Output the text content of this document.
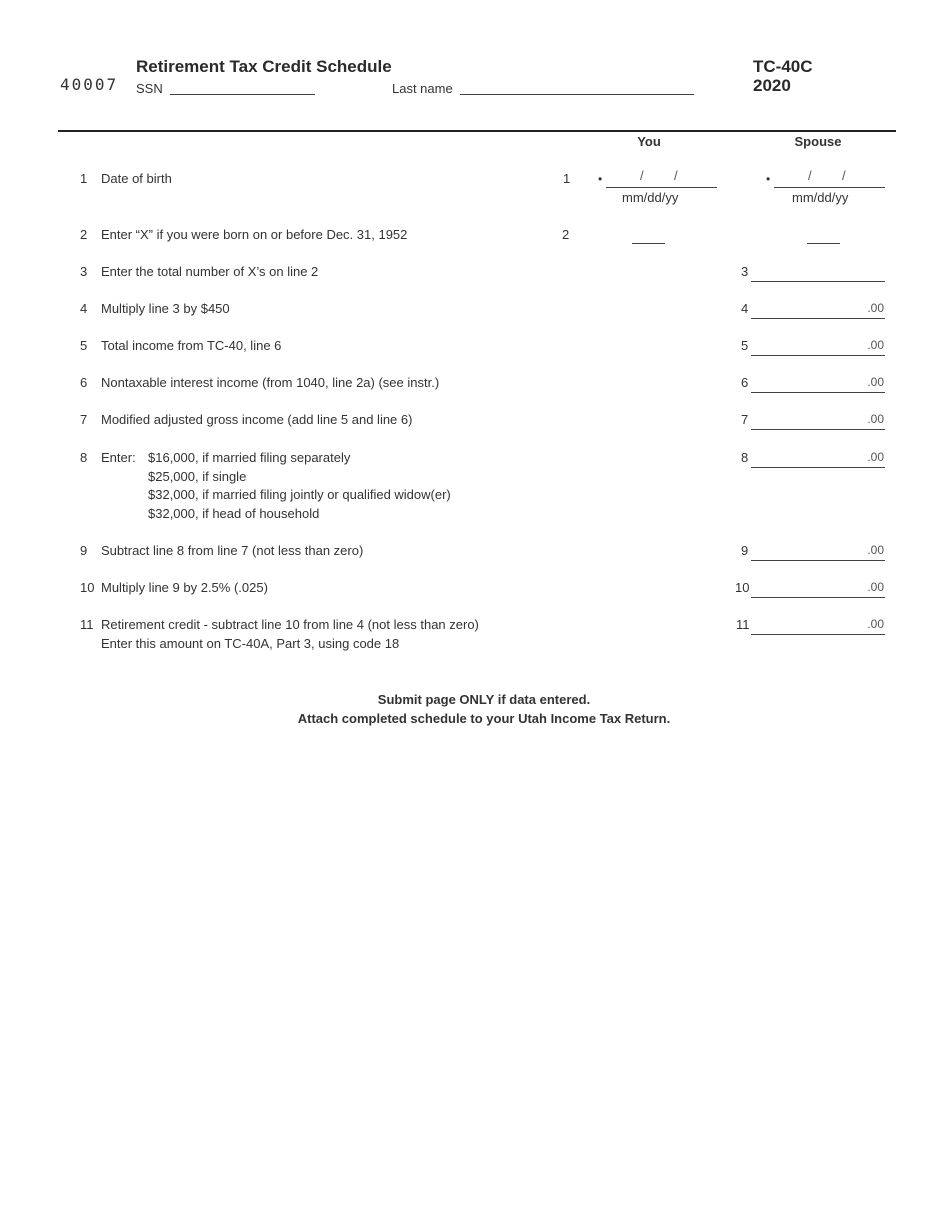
40007
Retirement Tax Credit Schedule
SSN	Last name
TC-40C
2020
You	Spouse
1 Date of birth	1 •	/ /
mm/dd/yy
•	/ /
mm/dd/yy
2 Enter “X” if you were born on or before Dec. 31, 1952	2
3 Enter the total number of X’s on line 2	3
4 Multiply line 3 by $450	4	.00
5 Total income from TC-40, line 6	5	.00
6 Nontaxable interest income (from 1040, line 2a) (see instr.)	6	.00
7 Modified adjusted gross income (add line 5 and line 6)	7	.00
8 Enter: $16,000, if married filing separately
$25,000, if single
$32,000, if married filing jointly or qualified widow(er)
$32,000, if head of household
8	.00
9 Subtract line 8 from line 7 (not less than zero)	9	.00
10 Multiply line 9 by 2.5% (.025)	10	.00
11 Retirement credit - subtract line 10 from line 4 (not less than zero)
Enter this amount on TC-40A, Part 3, using code 18
11	.00
Submit page ONLY if data entered.
Attach completed schedule to your Utah Income Tax Return.
